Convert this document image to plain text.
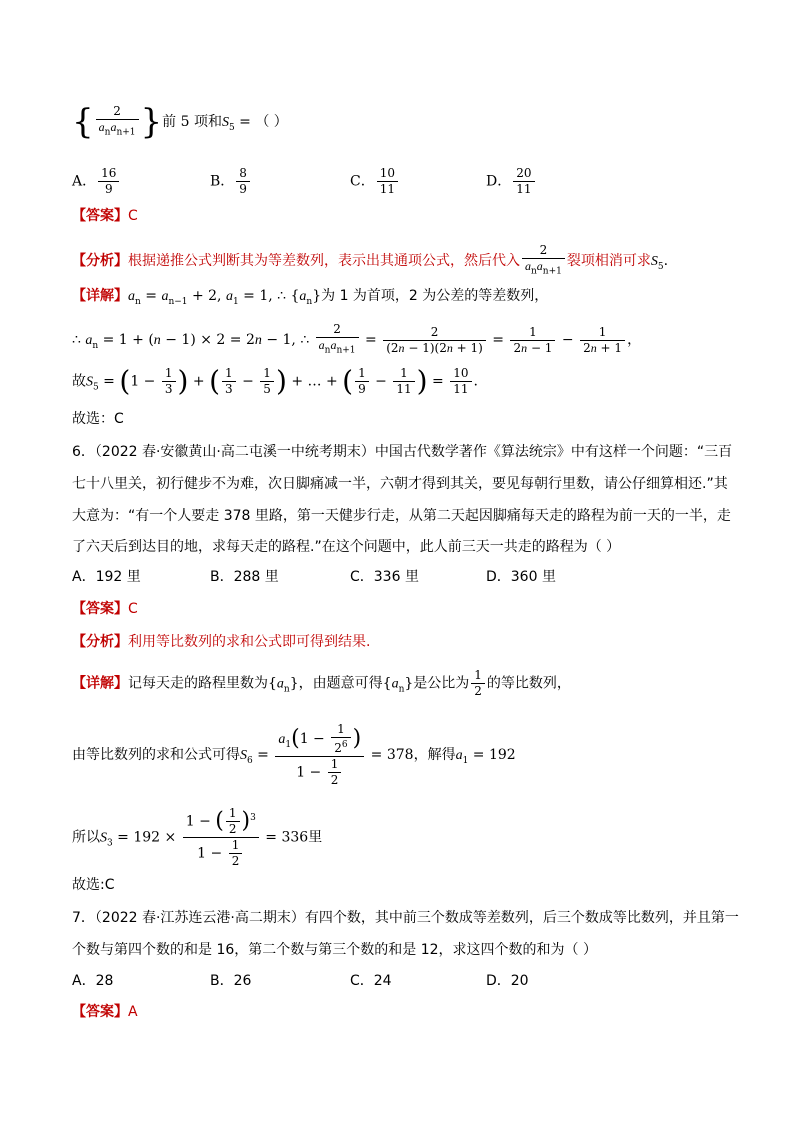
{ $\frac{2}{a_na_{n+1}}$ }前 5 项和$S_5$ = （ ）
A． $\frac{16}{9}$	B． $\frac{8}{9}$	C． $\frac{10}{11}$	D． $\frac{20}{11}$
【答案】C
【分析】根据递推公式判断其为等差数列，表示出其通项公式，然后代入 $\frac{2}{a_na_{n+1}}$ 裂项相消可求$S_5$.
【详解】$a_n = a_{n-1} + 2$, $a_1 = 1$, ∴ $\{a_n\}$为 1 为首项，2 为公差的等差数列，
∴ $a_n = 1 + (n - 1) \times 2 = 2n - 1$, ∴ $\frac{2}{a_na_{n+1}} = \frac{2}{(2n - 1)(2n + 1)} = \frac{1}{2n - 1} - \frac{1}{2n + 1}$ ，
故$S_5 = (1 - \frac{1}{3}$ ) + ( $\frac{1}{3} - \frac{1}{5}$ ) + … + ( $\frac{1}{9} - \frac{1}{11}$ ) = $\frac{10}{11}$ .
故选：C
6．（2022 春·安徽黄山·高二屯溪一中统考期末）中国古代数学著作《算法统宗》中有这样一个问题：“三百
七十八里关，初行健步不为难，次日脚痛减一半，六朝才得到其关，要见每朝行里数，请公仔细算相还.”其
大意为：“有一个人要走 378 里路，第一天健步行走，从第二天起因脚痛每天走的路程为前一天的一半，走
了六天后到达目的地，求每天走的路程.”在这个问题中，此人前三天一共走的路程为（ ）
A．192 里	B．288 里	C．336 里	D．360 里
【答案】C
【分析】利用等比数列的求和公式即可得到结果.
【详解】记每天走的路程里数为$\{a_n\}$，由题意可得$\{a_n\}$是公比为 $\frac{1}{2}$ 的等比数列，
由等比数列的求和公式可得$S_6 = \frac{a_1(1 - \frac{1}{2^6} )}{1 - \frac{1}{2}} = 378$，解得$a_1 = 192$
所以$S_3 = 192 \times \frac{1 - ( \frac{1}{2} )^3}{1 - \frac{1}{2}} = 336$里
故选:C
7．（2022 春·江苏连云港·高二期末）有四个数，其中前三个数成等差数列，后三个数成等比数列，并且第一
个数与第四个数的和是 16，第二个数与第三个数的和是 12，求这四个数的和为（ ）
A．28	B．26	C．24	D．20
【答案】A
